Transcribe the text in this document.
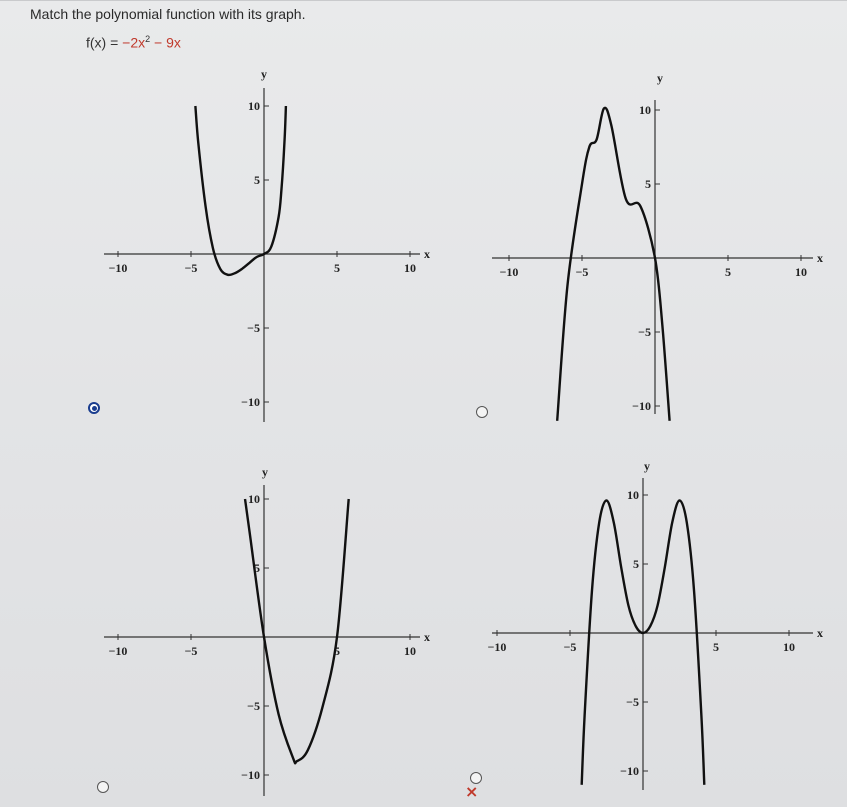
Match the polynomial function with its graph.
$f(x) = -2x^2 - 9x$
x
y
−10	−5	5	10
10
5
−5
−10
x
y
−10	−5	5	10
10
5
−5
−10
x
y
−10	−5	5	10
10
5
−5
−10
x
y
−10	−5	5	10
10
5
−5
−10
×
